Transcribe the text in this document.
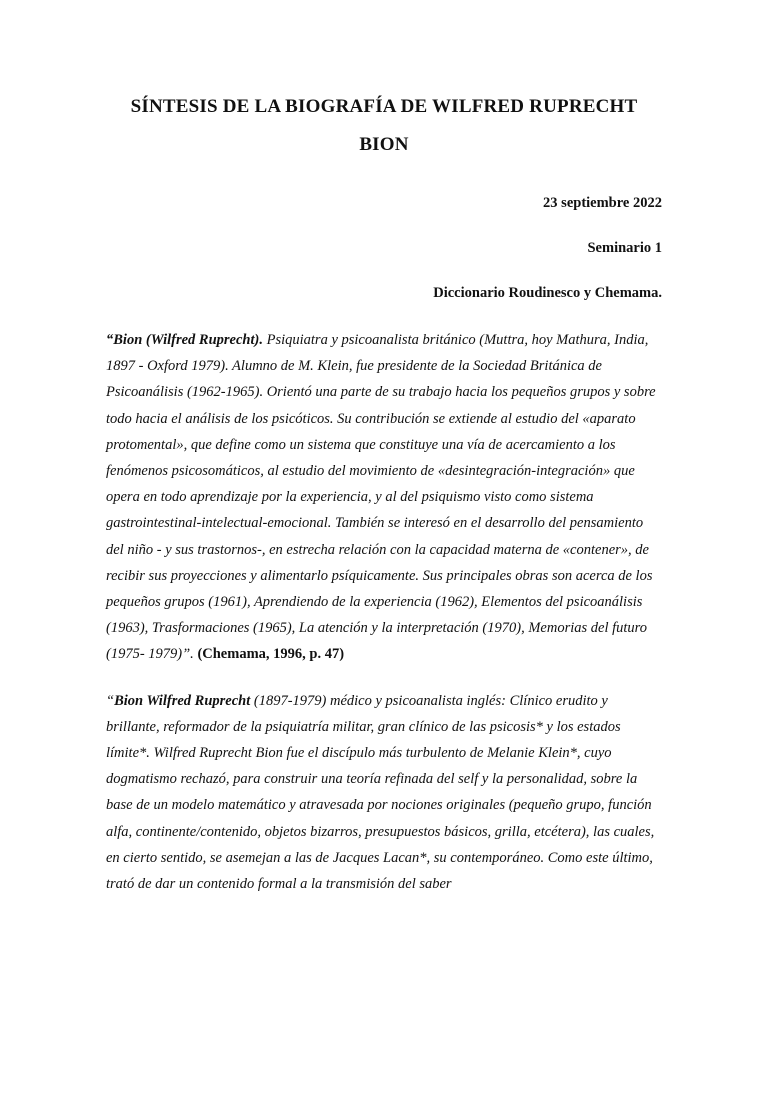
SÍNTESIS DE LA BIOGRAFÍA DE WILFRED RUPRECHT BION
23 septiembre 2022
Seminario 1
Diccionario Roudinesco y Chemama.

“Bion (Wilfred Ruprecht). Psiquiatra y psicoanalista británico (Muttra, hoy Mathura, India, 1897 - Oxford 1979). Alumno de M. Klein, fue presidente de la Sociedad Británica de Psicoanálisis (1962-1965). Orientó una parte de su trabajo hacia los pequeños grupos y sobre todo hacia el análisis de los psicóticos. Su contribución se extiende al estudio del «aparato protomental», que define como un sistema que constituye una vía de acercamiento a los fenómenos psicosomáticos, al estudio del movimiento de «desintegración-integración» que opera en todo aprendizaje por la experiencia, y al del psiquismo visto como sistema gastrointestinal-intelectual-emocional. También se interesó en el desarrollo del pensamiento del niño - y sus trastornos-, en estrecha relación con la capacidad materna de «contener», de recibir sus proyecciones y alimentarlo psíquicamente. Sus principales obras son acerca de los pequeños grupos (1961), Aprendiendo de la experiencia (1962), Elementos del psicoanálisis (1963), Trasformaciones (1965), La atención y la interpretación (1970), Memorias del futuro (1975- 1979)”. (Chemama, 1996, p. 47)

“Bion Wilfred Ruprecht (1897-1979) médico y psicoanalista inglés: Clínico erudito y brillante, reformador de la psiquiatría militar, gran clínico de las psicosis* y los estados límite*. Wilfred Ruprecht Bion fue el discípulo más turbulento de Melanie Klein*, cuyo dogmatismo rechazó, para construir una teoría refinada del self y la personalidad, sobre la base de un modelo matemático y atravesada por nociones originales (pequeño grupo, función alfa, continente/contenido, objetos bizarros, presupuestos básicos, grilla, etcétera), las cuales, en cierto sentido, se asemejan a las de Jacques Lacan*, su contemporáneo. Como este último, trató de dar un contenido formal a la transmisión del saber
